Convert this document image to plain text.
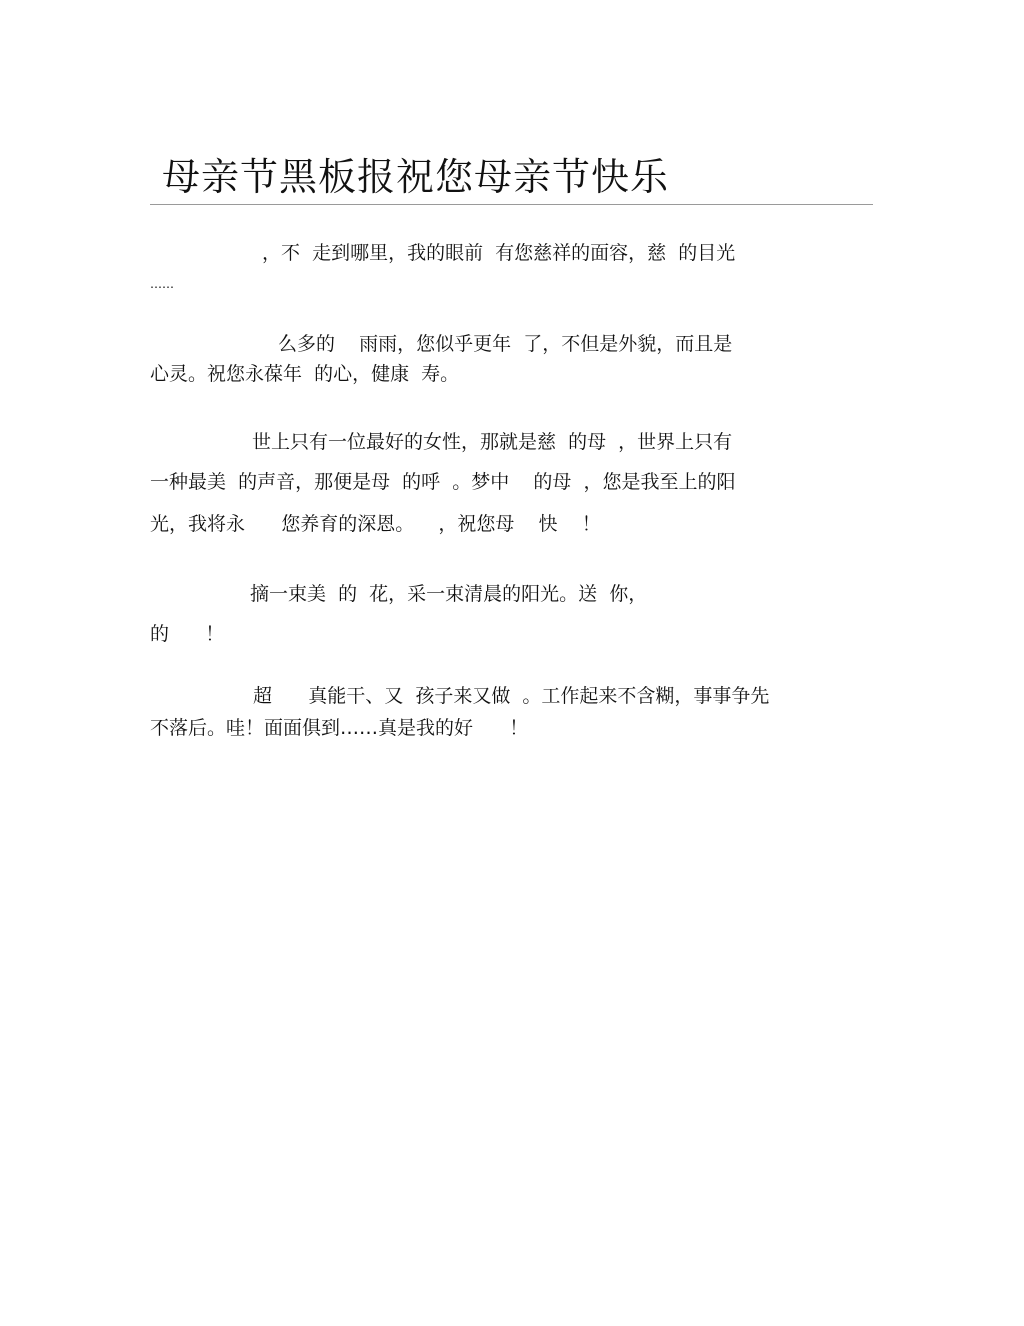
母亲节黑板报祝您母亲节快乐
，不  走到哪里，我的眼前  有您慈祥的面容，慈  的目光
……
么多的    雨雨，您似乎更年  了，不但是外貌，而且是
心灵。祝您永葆年  的心，健康  寿。
世上只有一位最好的女性，那就是慈  的母  ，世界上只有
一种最美  的声音，那便是母  的呼  。梦中    的母  ，您是我至上的阳
光，我将永      您养育的深恩。    ，祝您母    快    ！
摘一束美  的  花，采一束清晨的阳光。送  你，
的      ！
超      真能干、又  孩子来又做  。工作起来不含糊，事事争先
不落后。哇！面面俱到……真是我的好      ！
